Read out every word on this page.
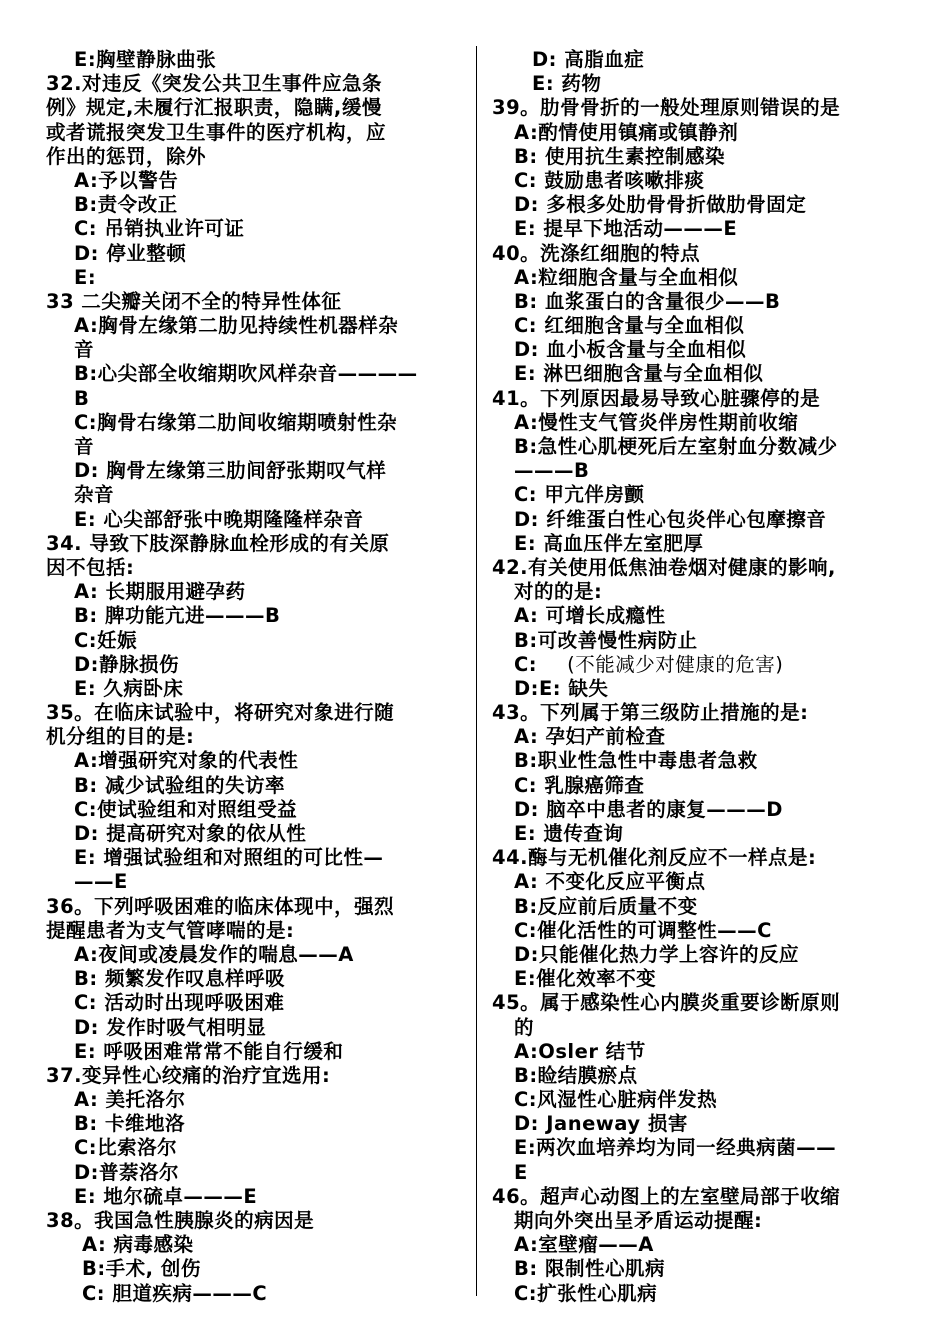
E:胸壁静脉曲张
32.对违反《突发公共卫生事件应急条
例》规定,未履行汇报职责，隐瞒,缓慢
或者谎报突发卫生事件的医疗机构，应
作出的惩罚，除外
A:予以警告
B:责令改正
C: 吊销执业许可证
D: 停业整顿
E:
33 二尖瓣关闭不全的特异性体征
A:胸骨左缘第二肋见持续性机器样杂
音
B:心尖部全收缩期吹风样杂音————
B
C:胸骨右缘第二肋间收缩期喷射性杂
音
D: 胸骨左缘第三肋间舒张期叹气样
杂音
E: 心尖部舒张中晚期隆隆样杂音
34. 导致下肢深静脉血栓形成的有关原
因不包括:
A: 长期服用避孕药
B: 脾功能亢进———B
C:妊娠
D:静脉损伤
E: 久病卧床
35。在临床试验中，将研究对象进行随
机分组的目的是:
A:增强研究对象的代表性
B: 减少试验组的失访率
C:使试验组和对照组受益
D: 提高研究对象的依从性
E: 增强试验组和对照组的可比性—
——E
36。下列呼吸困难的临床体现中，强烈
提醒患者为支气管哮喘的是:
A:夜间或凌晨发作的喘息——A
B: 频繁发作叹息样呼吸
C: 活动时出现呼吸困难
D: 发作时吸气相明显
E: 呼吸困难常常不能自行缓和
37.变异性心绞痛的治疗宜选用:
A: 美托洛尔
B: 卡维地洛
C:比索洛尔
D:普萘洛尔
E: 地尔硫卓———E
38。我国急性胰腺炎的病因是
A: 病毒感染
B:手术, 创伤
C: 胆道疾病———C
D: 高脂血症
E: 药物
39。肋骨骨折的一般处理原则错误的是
A:酌情使用镇痛或镇静剂
B: 使用抗生素控制感染
C: 鼓励患者咳嗽排痰
D: 多根多处肋骨骨折做肋骨固定
E: 提早下地活动———E
40。洗涤红细胞的特点
A:粒细胞含量与全血相似
B: 血浆蛋白的含量很少——B
C: 红细胞含量与全血相似
D: 血小板含量与全血相似
E: 淋巴细胞含量与全血相似
41。下列原因最易导致心脏骤停的是
A:慢性支气管炎伴房性期前收缩
B:急性心肌梗死后左室射血分数减少
———B
C: 甲亢伴房颤
D: 纤维蛋白性心包炎伴心包摩擦音
E: 高血压伴左室肥厚
42.有关使用低焦油卷烟对健康的影响,
对的的是:
A: 可增长成瘾性
B:可改善慢性病防止
C: (不能减少对健康的危害)
D:E: 缺失
43。下列属于第三级防止措施的是:
A: 孕妇产前检查
B:职业性急性中毒患者急救
C: 乳腺癌筛查
D: 脑卒中患者的康复———D
E: 遗传查询
44.酶与无机催化剂反应不一样点是:
A: 不变化反应平衡点
B:反应前后质量不变
C:催化活性的可调整性——C
D:只能催化热力学上容许的反应
E:催化效率不变
45。属于感染性心内膜炎重要诊断原则
的
A:Osler 结节
B:睑结膜瘀点
C:风湿性心脏病伴发热
D: Janeway 损害
E:两次血培养均为同一经典病菌——
E
46。超声心动图上的左室壁局部于收缩
期向外突出呈矛盾运动提醒:
A:室壁瘤——A
B: 限制性心肌病
C:扩张性心肌病
